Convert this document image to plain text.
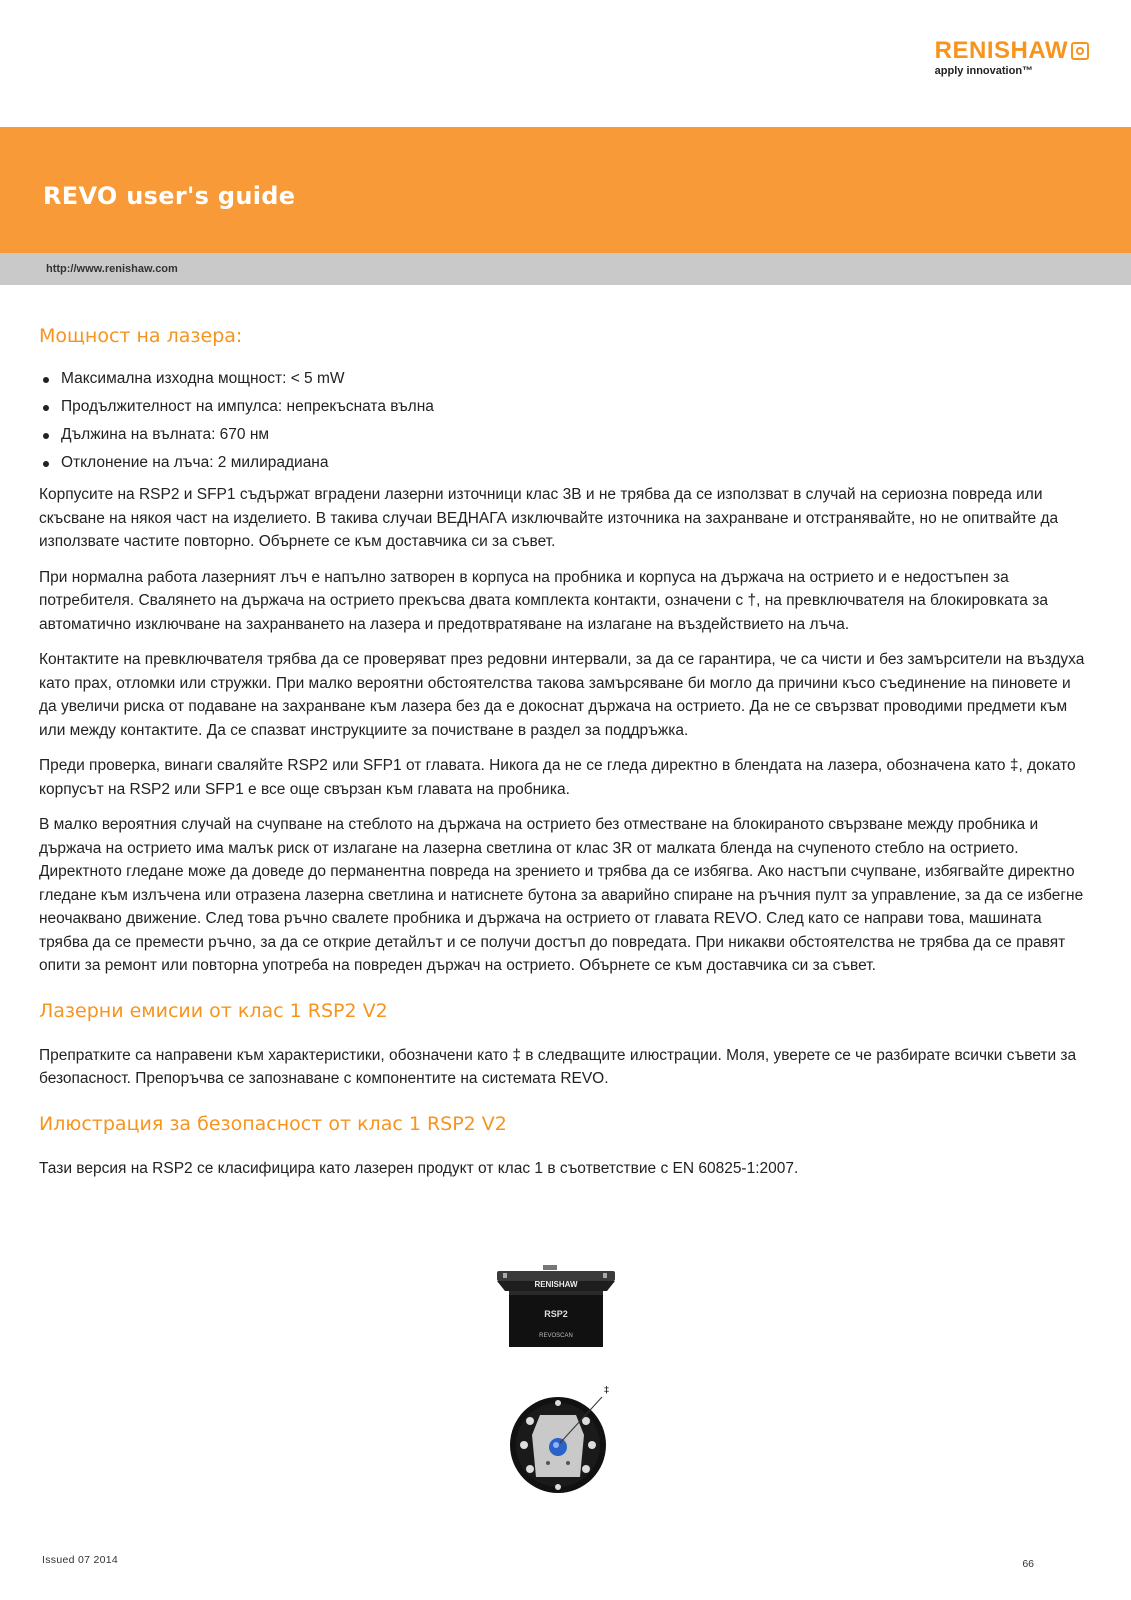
RENISHAW
apply innovation™
REVO user's guide
http://www.renishaw.com
Мощност на лазера:
Максимална изходна мощност: < 5 mW
Продължителност на импулса: непрекъсната вълна
Дължина на вълната: 670 нм
Отклонение на лъча: 2 милирадиана

Корпусите на RSP2 и SFP1 съдържат вградени лазерни източници клас 3B и не трябва да се използват в случай на сериозна повреда или скъсване на някоя част на изделието. В такива случаи ВЕДНАГА изключвайте източника на захранване и отстранявайте, но не опитвайте да използвате частите повторно. Обърнете се към доставчика си за съвет.

При нормална работа лазерният лъч е напълно затворен в корпуса на пробника и корпуса на държача на острието и е недостъпен за потребителя. Свалянето на държача на острието прекъсва двата комплекта контакти, означени с †, на превключвателя на блокировката за автоматично изключване на захранването на лазера и предотвратяване на излагане на въздействието на лъча.

Контактите на превключвателя трябва да се проверяват през редовни интервали, за да се гарантира, че са чисти и без замърсители на въздуха като прах, отломки или стружки. При малко вероятни обстоятелства такова замърсяване би могло да причини късо съединение на пиновете и да увеличи риска от подаване на захранване към лазера без да е докоснат държача на острието. Да не се свързват проводими предмети към или между контактите. Да се спазват инструкциите за почистване в раздел за поддръжка.

Преди проверка, винаги сваляйте RSP2 или SFP1 от главата. Никога да не се гледа директно в блендата на лазера, обозначена като ‡, докато корпусът на RSP2 или SFP1 е все още свързан към главата на пробника.

В малко вероятния случай на счупване на стеблото на държача на острието без отместване на блокираното свързване между пробника и държача на острието има малък риск от излагане на лазерна светлина от клас 3R от малката бленда на счупеното стебло на острието. Директното гледане може да доведе до перманентна повреда на зрението и трябва да се избягва. Ако настъпи счупване, избягвайте директно гледане към излъчена или отразена лазерна светлина и натиснете бутона за аварийно спиране на ръчния пулт за управление, за да се избегне неочаквано движение. След това ръчно свалете пробника и държача на острието от главата REVO. След като се направи това, машината трябва да се премести ръчно, за да се открие детайлът и се получи достъп до повредата. При никакви обстоятелства не трябва да се правят опити за ремонт или повторна употреба на повреден държач на острието. Обърнете се към доставчика си за съвет.

Лазерни емисии от клас 1 RSP2 V2

Препратките са направени към характеристики, обозначени като ‡ в следващите илюстрации. Моля, уверете се че разбирате всички съвети за безопасност. Препоръчва се запознаване с компонентите на системата REVO.

Илюстрация за безопасност от клас 1 RSP2 V2

Тази версия на RSP2 се класифицира като лазерен продукт от клас 1 в съответствие с EN 60825-1:2007.

RENISHAW
RSP2
REVOSCAN
‡
Issued 07 2014	66
